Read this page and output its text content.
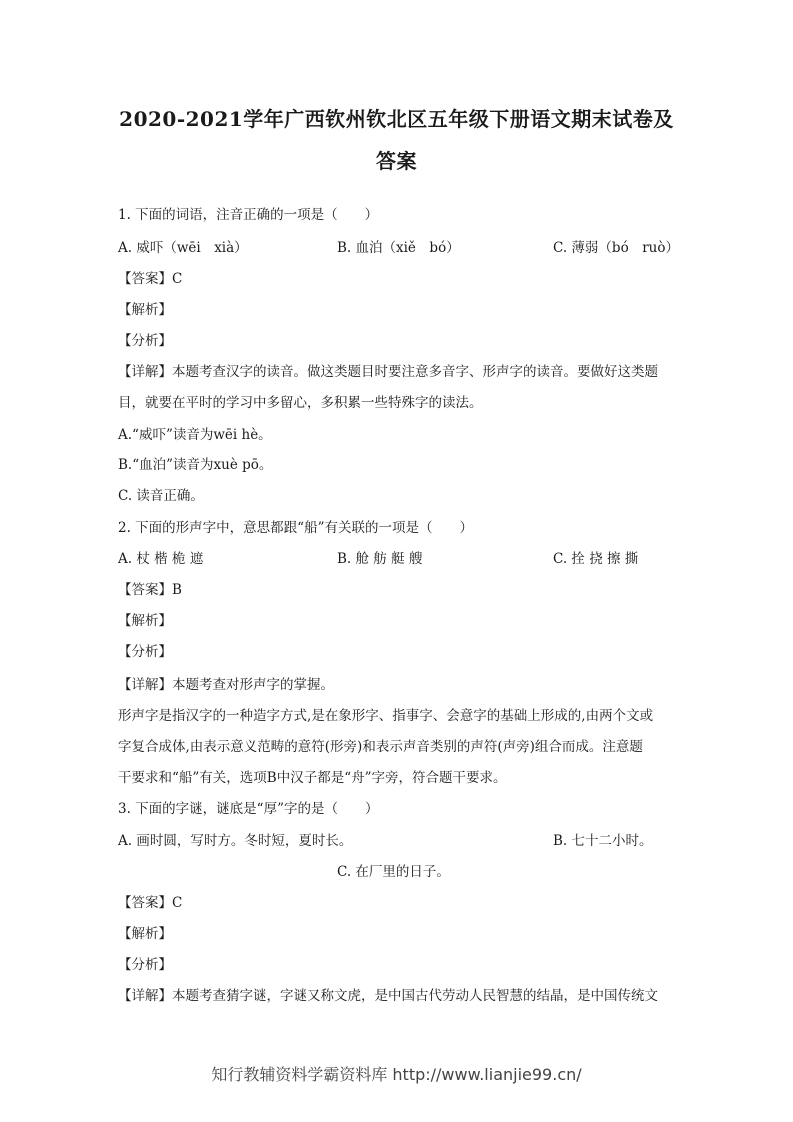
2020-2021学年广西钦州钦北区五年级下册语文期末试卷及
答案
1. 下面的词语，注音正确的一项是（　　）
A. 威吓（wēi　xià）	B. 血泊（xiě　bó）	C. 薄弱（bó　ruò）
【答案】C
【解析】
【分析】
【详解】本题考查汉字的读音。做这类题目时要注意多音字、形声字的读音。要做好这类题
目，就要在平时的学习中多留心，多积累一些特殊字的读法。
A.“威吓”读音为wēi hè。
B.“血泊”读音为xuè pō。
C. 读音正确。
2. 下面的形声字中，意思都跟“船”有关联的一项是（　　）
A. 杖 楷 桅 遮	B. 舱 舫 艇 艘	C. 拴 挠 擦 撕
【答案】B
【解析】
【分析】
【详解】本题考查对形声字的掌握。
形声字是指汉字的一种造字方式,是在象形字、指事字、会意字的基础上形成的,由两个文或
字复合成体,由表示意义范畴的意符(形旁)和表示声音类别的声符(声旁)组合而成。注意题
干要求和“船”有关，选项B中汉子都是“舟”字旁，符合题干要求。
3. 下面的字谜，谜底是“厚”字的是（　　）
A. 画时圆，写时方。冬时短，夏时长。	B. 七十二小时。
C. 在厂里的日子。
【答案】C
【解析】
【分析】
【详解】本题考查猜字谜，字谜又称文虎，是中国古代劳动人民智慧的结晶，是中国传统文
知行教辅资料学霸资料库 http://www.lianjie99.cn/
